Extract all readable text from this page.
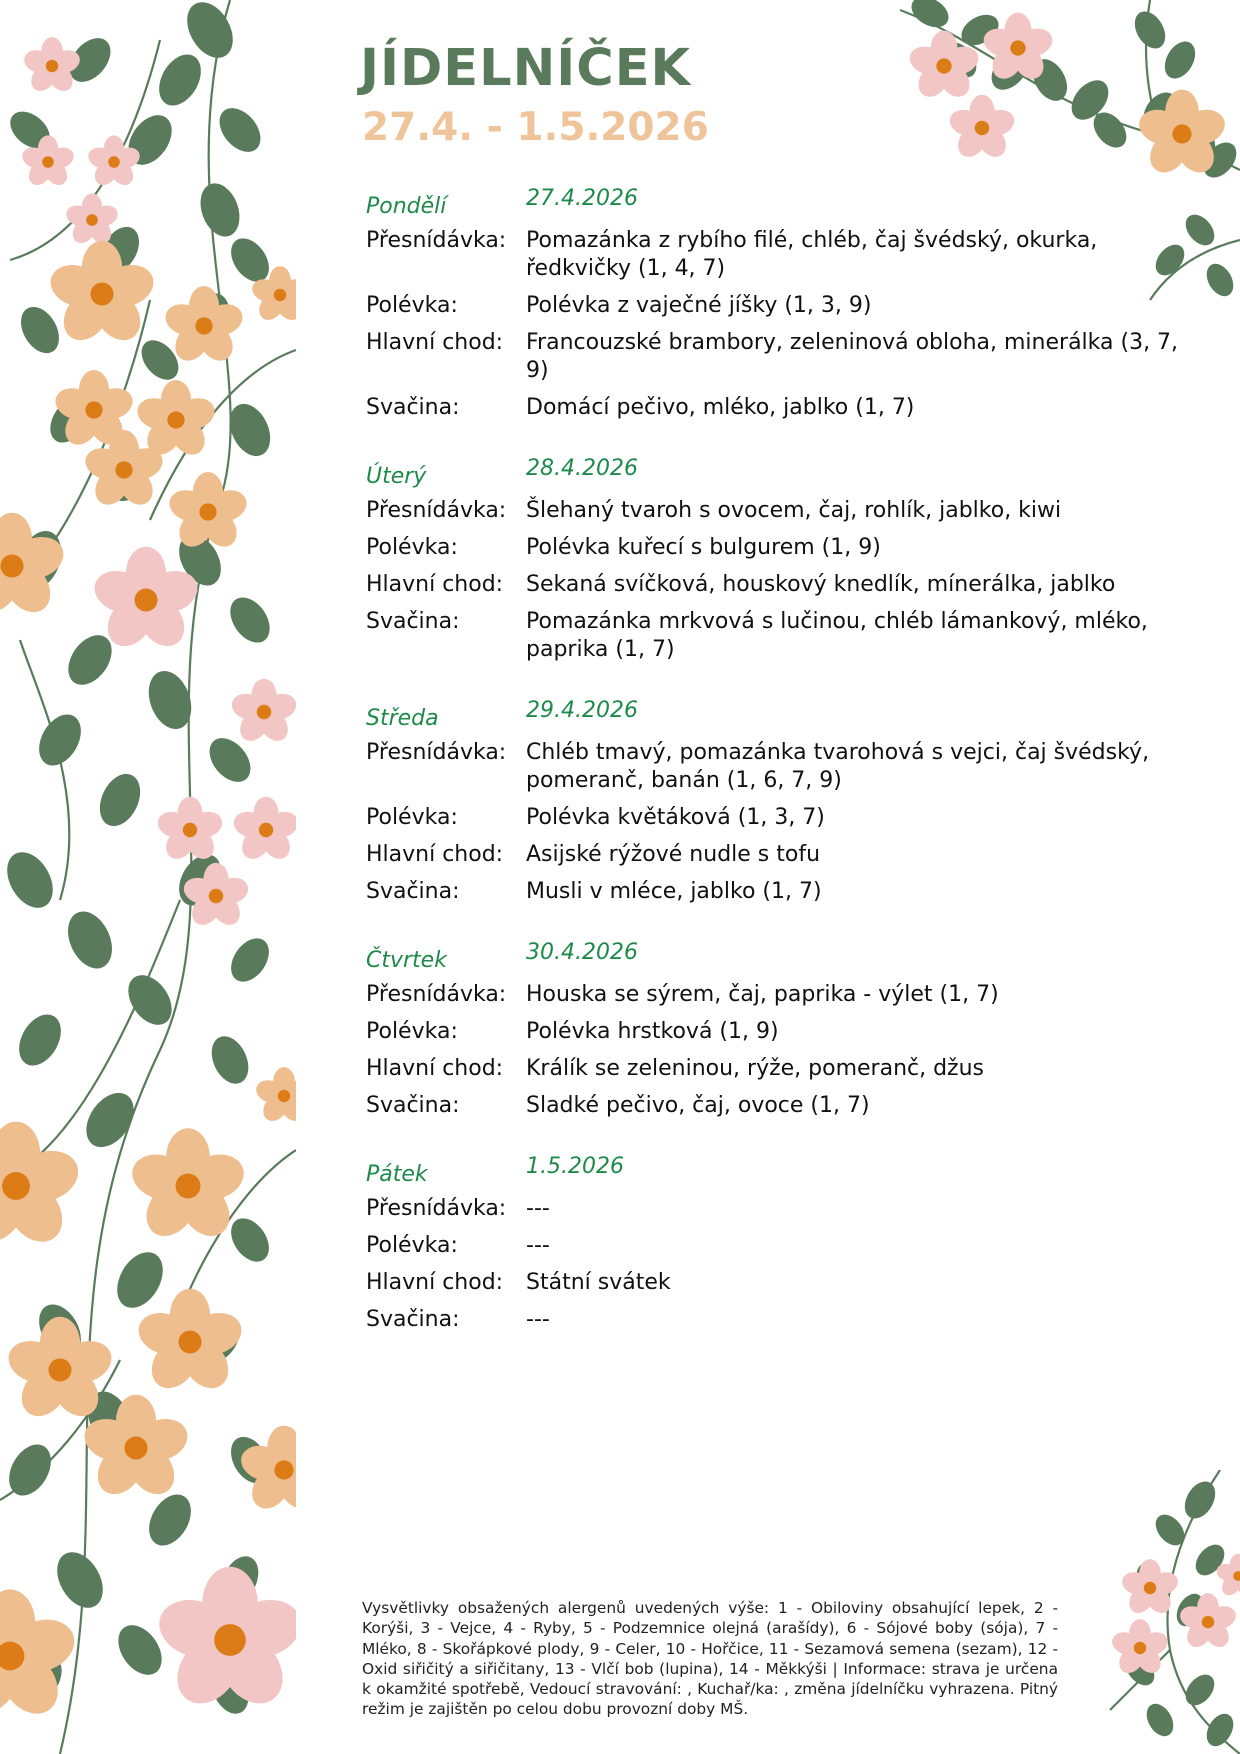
JÍDELNÍČEK
27.4. - 1.5.2026
Pondělí	27.4.2026
Přesnídávka: Pomazánka z rybího filé, chléb, čaj švédský, okurka, ředkvičky (1, 4, 7)
Polévka:	Polévka z vaječné jíšky (1, 3, 9)
Hlavní chod:	Francouzské brambory, zeleninová obloha, minerálka (3, 7, 9)
Svačina:	Domácí pečivo, mléko, jablko (1, 7)
Úterý	28.4.2026
Přesnídávka: Šlehaný tvaroh s ovocem, čaj, rohlík, jablko, kiwi
Polévka:	Polévka kuřecí s bulgurem (1, 9)
Hlavní chod:	Sekaná svíčková, houskový knedlík, mínerálka, jablko
Svačina:	Pomazánka mrkvová s lučinou, chléb lámankový, mléko, paprika (1, 7)
Středa	29.4.2026
Přesnídávka: Chléb tmavý, pomazánka tvarohová s vejci, čaj švédský, pomeranč, banán (1, 6, 7, 9)
Polévka:	Polévka květáková (1, 3, 7)
Hlavní chod:	Asijské rýžové nudle s tofu
Svačina:	Musli v mléce, jablko (1, 7)
Čtvrtek	30.4.2026
Přesnídávka: Houska se sýrem, čaj, paprika - výlet (1, 7)
Polévka:	Polévka hrstková (1, 9)
Hlavní chod:	Králík se zeleninou, rýže, pomeranč, džus
Svačina:	Sladké pečivo, čaj, ovoce (1, 7)
Pátek	1.5.2026
Přesnídávka: ---
Polévka:	---
Hlavní chod:	Státní svátek
Svačina:	---
Vysvětlivky obsažených alergenů uvedených výše: 1 - Obiloviny obsahující lepek, 2 - Korýši, 3 - Vejce, 4 - Ryby, 5 - Podzemnice olejná (arašídy), 6 - Sójové boby (sója), 7 - Mléko, 8 - Skořápkové plody, 9 - Celer, 10 - Hořčice, 11 - Sezamová semena (sezam), 12 - Oxid siřičitý a siřičitany, 13 - Vlčí bob (lupina), 14 - Měkkýši | Informace: strava je určena k okamžité spotřebě, Vedoucí stravování: , Kuchař/ka: , změna jídelníčku vyhrazena. Pitný režim je zajištěn po celou dobu provozní doby MŠ.
